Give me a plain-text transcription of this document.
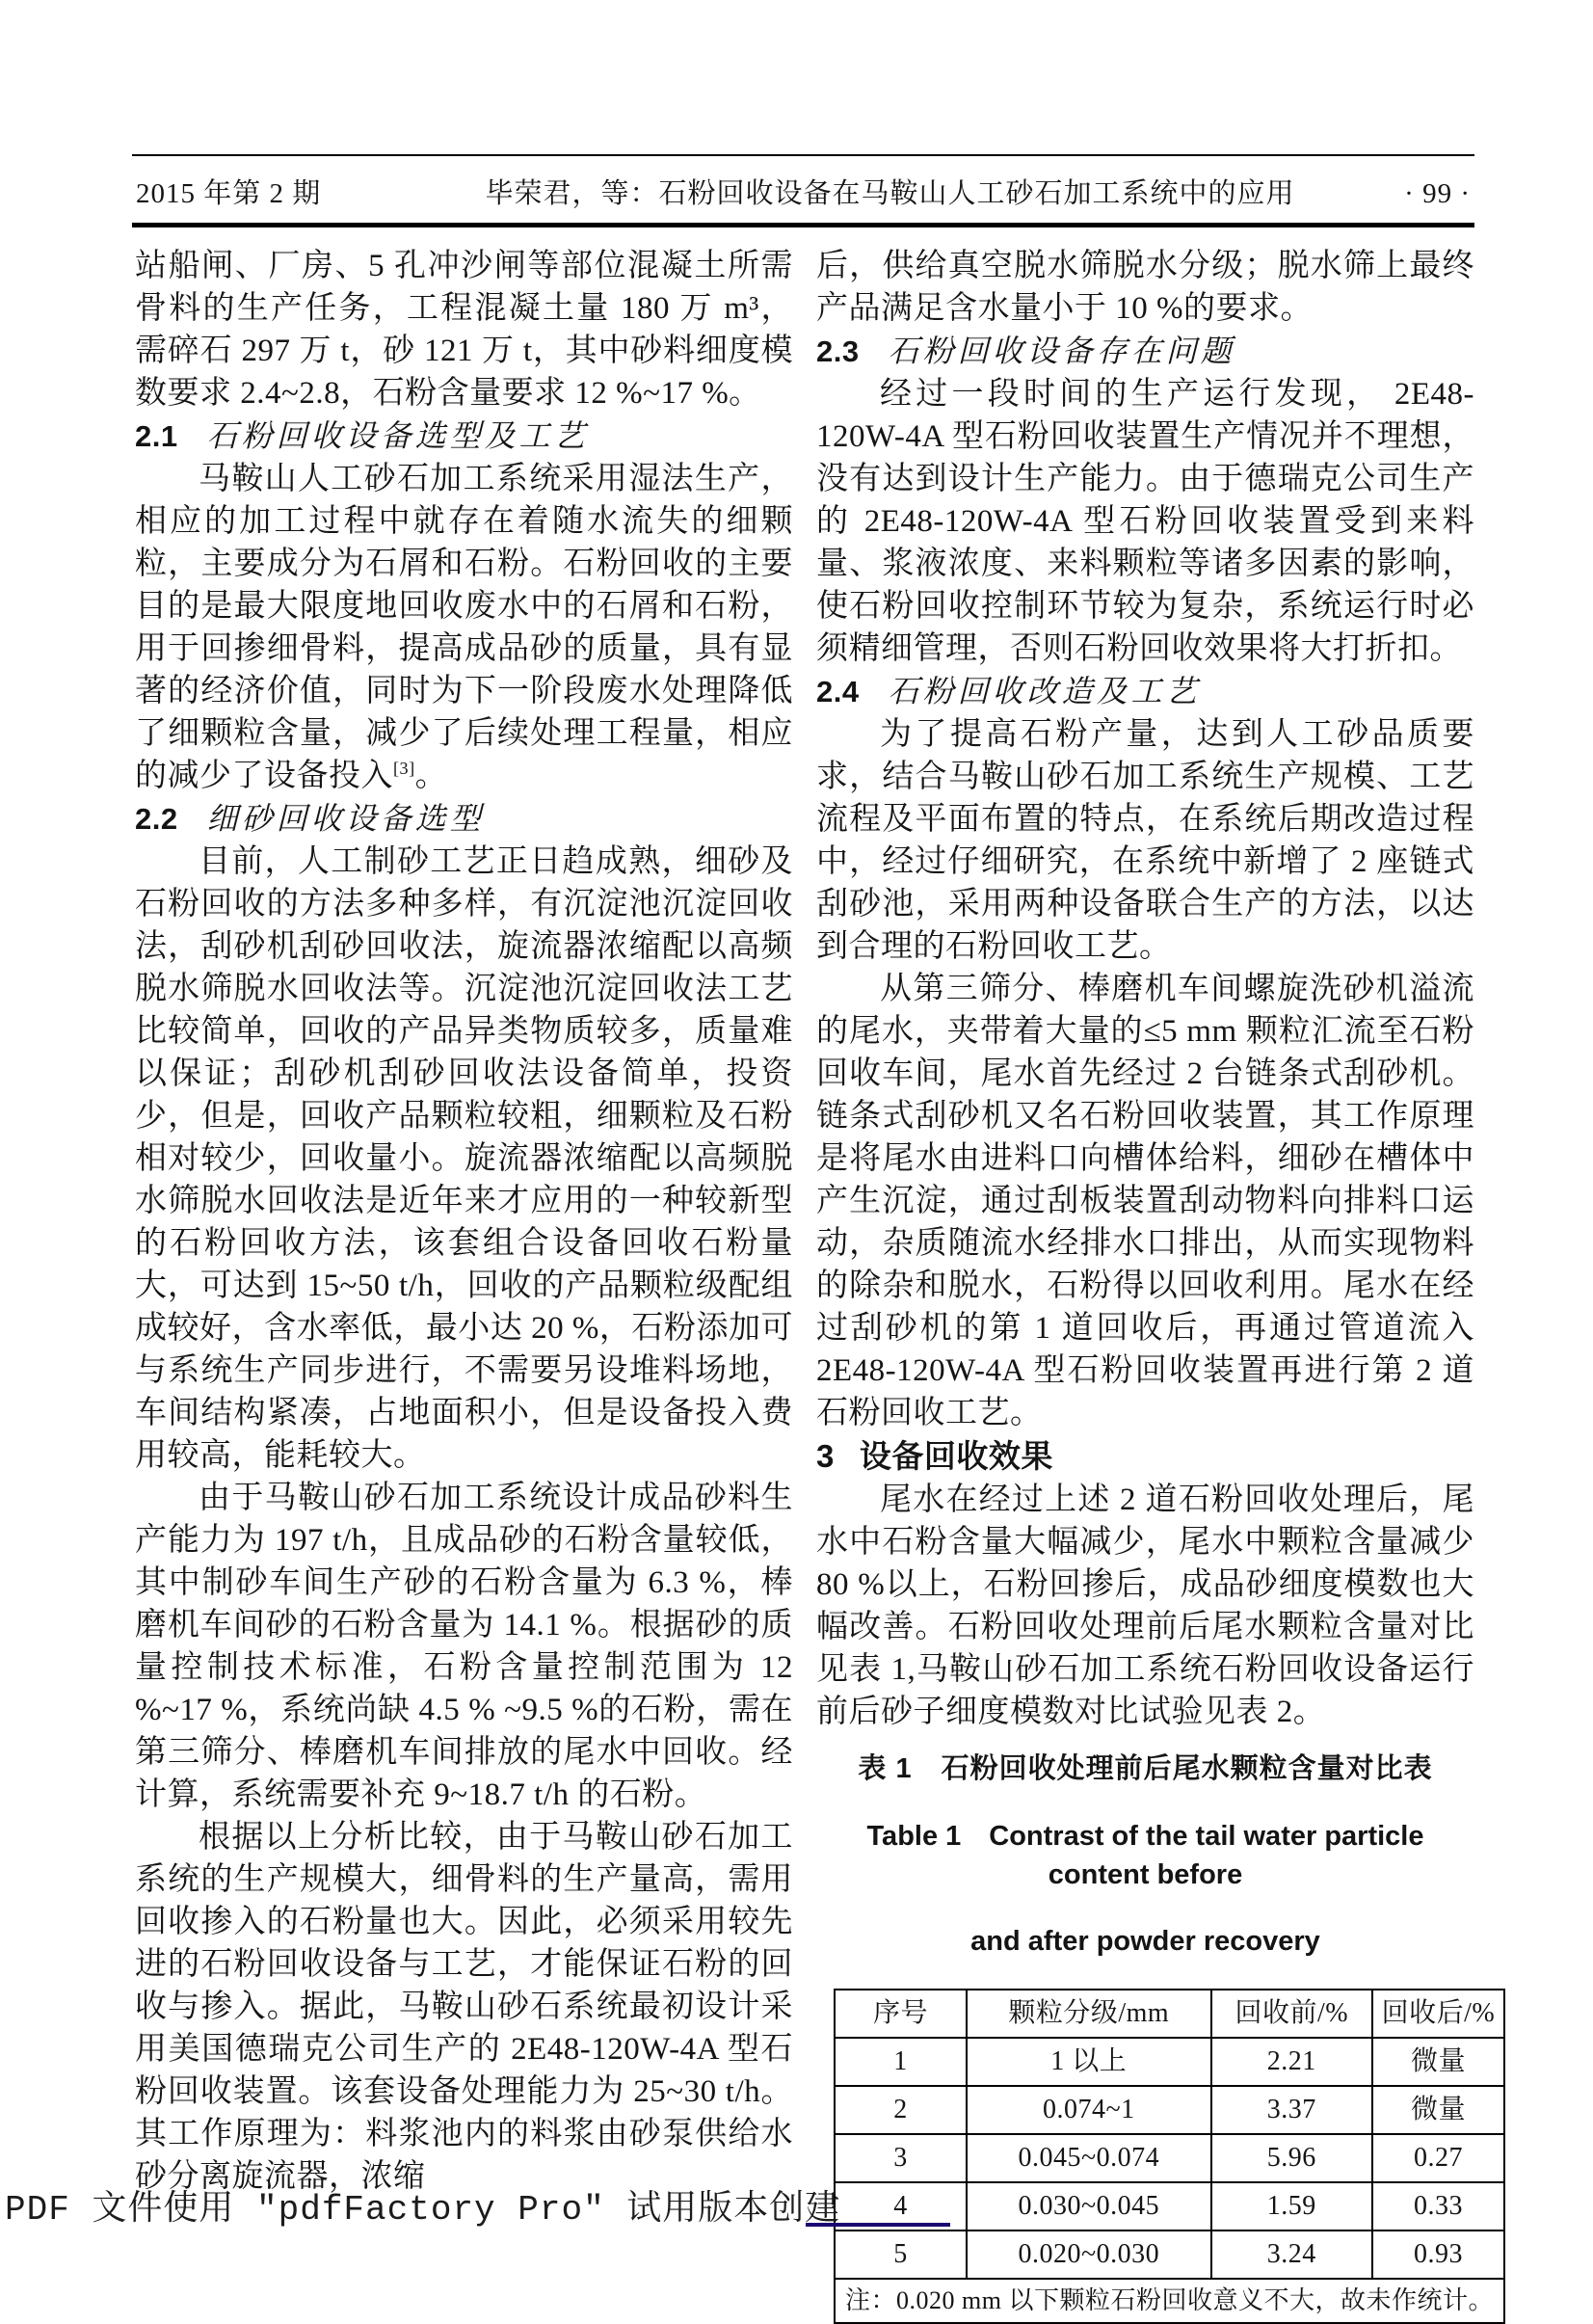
2015 年第 2 期	毕荣君，等：石粉回收设备在马鞍山人工砂石加工系统中的应用	· 99 ·

站船闸、厂房、5 孔冲沙闸等部位混凝土所需骨料的生产任务，工程混凝土量 180 万 m³，需碎石 297 万 t，砂 121 万 t，其中砂料细度模数要求 2.4~2.8，石粉含量要求 12 %~17 %。

2.1 石粉回收设备选型及工艺

马鞍山人工砂石加工系统采用湿法生产，相应的加工过程中就存在着随水流失的细颗粒，主要成分为石屑和石粉。石粉回收的主要目的是最大限度地回收废水中的石屑和石粉，用于回掺细骨料，提高成品砂的质量，具有显著的经济价值，同时为下一阶段废水处理降低了细颗粒含量，减少了后续处理工程量，相应的减少了设备投入[3]。

2.2 细砂回收设备选型

目前，人工制砂工艺正日趋成熟，细砂及石粉回收的方法多种多样，有沉淀池沉淀回收法，刮砂机刮砂回收法，旋流器浓缩配以高频脱水筛脱水回收法等。沉淀池沉淀回收法工艺比较简单，回收的产品异类物质较多，质量难以保证；刮砂机刮砂回收法设备简单，投资少，但是，回收产品颗粒较粗，细颗粒及石粉相对较少，回收量小。旋流器浓缩配以高频脱水筛脱水回收法是近年来才应用的一种较新型的石粉回收方法，该套组合设备回收石粉量大，可达到 15~50 t/h，回收的产品颗粒级配组成较好，含水率低，最小达 20 %，石粉添加可与系统生产同步进行，不需要另设堆料场地，车间结构紧凑，占地面积小，但是设备投入费用较高，能耗较大。

由于马鞍山砂石加工系统设计成品砂料生产能力为 197 t/h，且成品砂的石粉含量较低，其中制砂车间生产砂的石粉含量为 6.3 %，棒磨机车间砂的石粉含量为 14.1 %。根据砂的质量控制技术标准，石粉含量控制范围为 12 %~17 %，系统尚缺 4.5 % ~9.5 %的石粉，需在第三筛分、棒磨机车间排放的尾水中回收。经计算，系统需要补充 9~18.7 t/h 的石粉。

根据以上分析比较，由于马鞍山砂石加工系统的生产规模大，细骨料的生产量高，需用回收掺入的石粉量也大。因此，必须采用较先进的石粉回收设备与工艺，才能保证石粉的回收与掺入。据此，马鞍山砂石系统最初设计采用美国德瑞克公司生产的 2E48-120W-4A 型石粉回收装置。该套设备处理能力为 25~30 t/h。其工作原理为：料浆池内的料浆由砂泵供给水砂分离旋流器，浓缩

后，供给真空脱水筛脱水分级；脱水筛上最终产品满足含水量小于 10 %的要求。

2.3 石粉回收设备存在问题

经过一段时间的生产运行发现， 2E48-120W-4A 型石粉回收装置生产情况并不理想，没有达到设计生产能力。由于德瑞克公司生产的 2E48-120W-4A 型石粉回收装置受到来料量、浆液浓度、来料颗粒等诸多因素的影响，使石粉回收控制环节较为复杂，系统运行时必须精细管理，否则石粉回收效果将大打折扣。

2.4 石粉回收改造及工艺

为了提高石粉产量，达到人工砂品质要求，结合马鞍山砂石加工系统生产规模、工艺流程及平面布置的特点，在系统后期改造过程中，经过仔细研究，在系统中新增了 2 座链式刮砂池，采用两种设备联合生产的方法，以达到合理的石粉回收工艺。

从第三筛分、棒磨机车间螺旋洗砂机溢流的尾水，夹带着大量的≤5 mm 颗粒汇流至石粉回收车间，尾水首先经过 2 台链条式刮砂机。链条式刮砂机又名石粉回收装置，其工作原理是将尾水由进料口向槽体给料，细砂在槽体中产生沉淀，通过刮板装置刮动物料向排料口运动，杂质随流水经排水口排出，从而实现物料的除杂和脱水，石粉得以回收利用。尾水在经过刮砂机的第 1 道回收后，再通过管道流入 2E48-120W-4A 型石粉回收装置再进行第 2 道石粉回收工艺。

3 设备回收效果

尾水在经过上述 2 道石粉回收处理后，尾水中石粉含量大幅减少，尾水中颗粒含量减少 80 %以上，石粉回掺后，成品砂细度模数也大幅改善。石粉回收处理前后尾水颗粒含量对比见表 1,马鞍山砂石加工系统石粉回收设备运行前后砂子细度模数对比试验见表 2。

表 1　石粉回收处理前后尾水颗粒含量对比表

Table 1　Contrast of the tail water particle content before

and after powder recovery

序号	颗粒分级/mm	回收前/%	回收后/%
1	1 以上	2.21	微量
2	0.074~1	3.37	微量
3	0.045~0.074	5.96	0.27
4	0.030~0.045	1.59	0.33
5	0.020~0.030	3.24	0.93
注：0.020 mm 以下颗粒石粉回收意义不大，故未作统计。			
PDF 文件使用 ″pdfFactory Pro″ 试用版本创建
